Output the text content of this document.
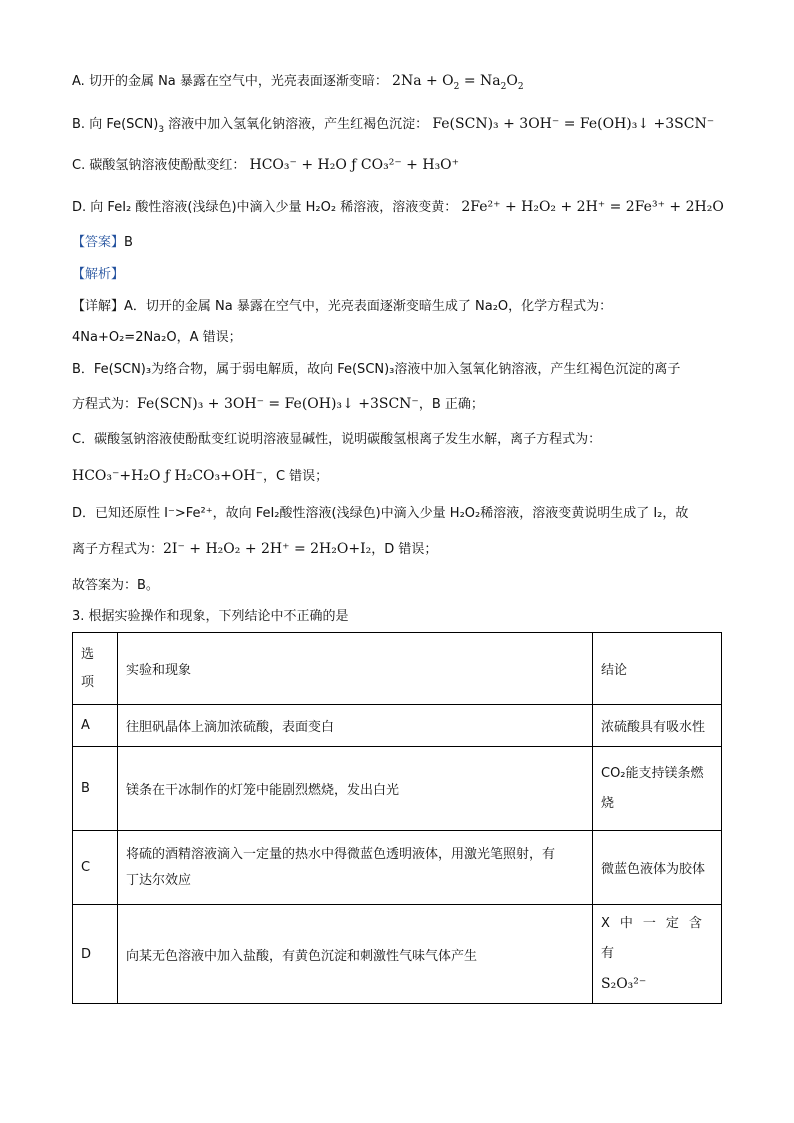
A. 切开的金属 Na 暴露在空气中，光亮表面逐渐变暗： $2Na + O_2 = Na_2O_2$
B. 向 $Fe(SCN)_3$ 溶液中加入氢氧化钠溶液，产生红褐色沉淀： Fe(SCN)₃ + 3OH⁻ = Fe(OH)₃↓ +3SCN⁻
C. 碳酸氢钠溶液使酚酞变红： HCO₃⁻ + H₂O ƒ CO₃²⁻ + H₃O⁺
D. 向 FeI₂ 酸性溶液(浅绿色)中滴入少量 H₂O₂ 稀溶液，溶液变黄： 2Fe²⁺ + H₂O₂ + 2H⁺ = 2Fe³⁺ + 2H₂O
【答案】B
【解析】
【详解】A．切开的金属 Na 暴露在空气中，光亮表面逐渐变暗生成了 Na₂O，化学方程式为：
4Na+O₂=2Na₂O，A 错误；
B．Fe(SCN)₃为络合物，属于弱电解质，故向 Fe(SCN)₃溶液中加入氢氧化钠溶液，产生红褐色沉淀的离子
方程式为：Fe(SCN)₃ + 3OH⁻ = Fe(OH)₃↓ +3SCN⁻，B 正确；
C．碳酸氢钠溶液使酚酞变红说明溶液显碱性，说明碳酸氢根离子发生水解，离子方程式为：
HCO₃⁻+H₂O ƒ H₂CO₃+OH⁻，C 错误；
D．已知还原性 I⁻>Fe²⁺，故向 FeI₂酸性溶液(浅绿色)中滴入少量 H₂O₂稀溶液，溶液变黄说明生成了 I₂，故
离子方程式为：2I⁻ + H₂O₂ + 2H⁺ = 2H₂O+I₂，D 错误；
故答案为：B。
3. 根据实验操作和现象，下列结论中不正确的是
选项	实验和现象	结论
A	往胆矾晶体上滴加浓硫酸，表面变白	浓硫酸具有吸水性
B	镁条在干冰制作的灯笼中能剧烈燃烧，发出白光	CO₂能支持镁条燃
烧

C	将硫的酒精溶液滴入一定量的热水中得微蓝色透明液体，用激光笔照射，有
丁达尔效应	微蓝色液体为胶体
D	向某无色溶液中加入盐酸，有黄色沉淀和刺激性气味气体产生	X中一定含有
S₂O₃²⁻
